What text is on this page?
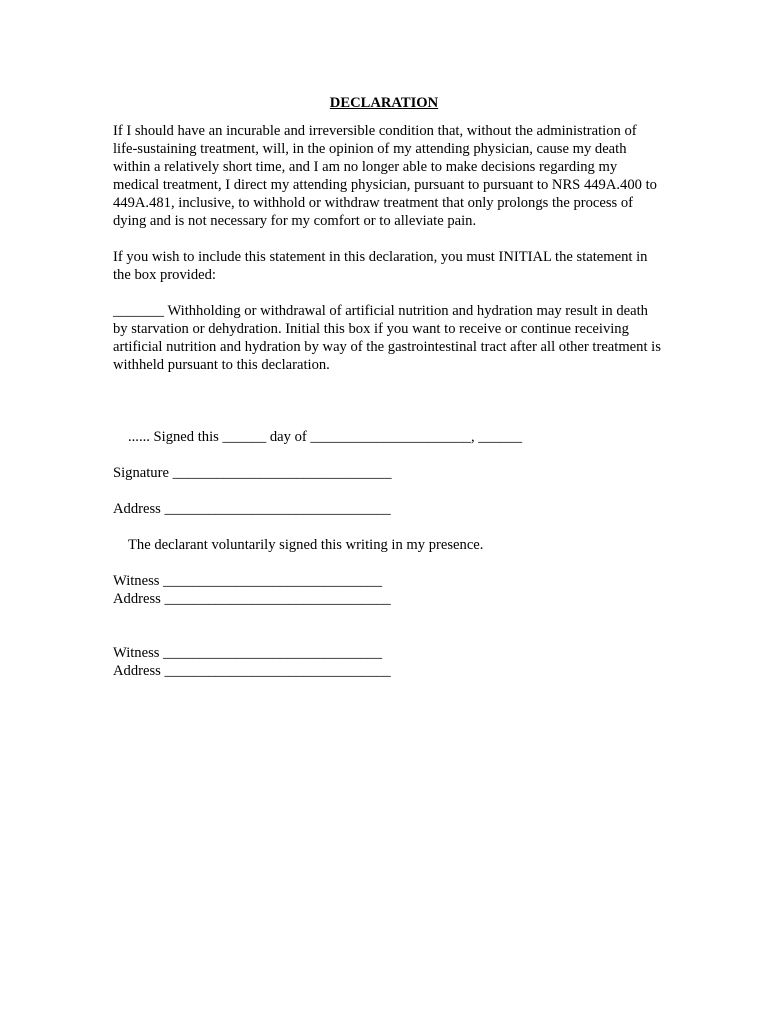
DECLARATION

If I should have an incurable and irreversible condition that, without the administration of life-sustaining treatment, will, in the opinion of my attending physician, cause my death within a relatively short time, and I am no longer able to make decisions regarding my medical treatment, I direct my attending physician, pursuant to pursuant to NRS 449A.400 to 449A.481, inclusive, to withhold or withdraw treatment that only prolongs the process of dying and is not necessary for my comfort or to alleviate pain.

If you wish to include this statement in this declaration, you must INITIAL the statement in the box provided:

_______ Withholding or withdrawal of artificial nutrition and hydration may result in death by starvation or dehydration. Initial this box if you want to receive or continue receiving artificial nutrition and hydration by way of the gastrointestinal tract after all other treatment is withheld pursuant to this declaration.

...... Signed this ______ day of ______________________, ______

Signature ______________________________

Address _______________________________

The declarant voluntarily signed this writing in my presence.

Witness ______________________________

Address _______________________________

Witness ______________________________

Address _______________________________
